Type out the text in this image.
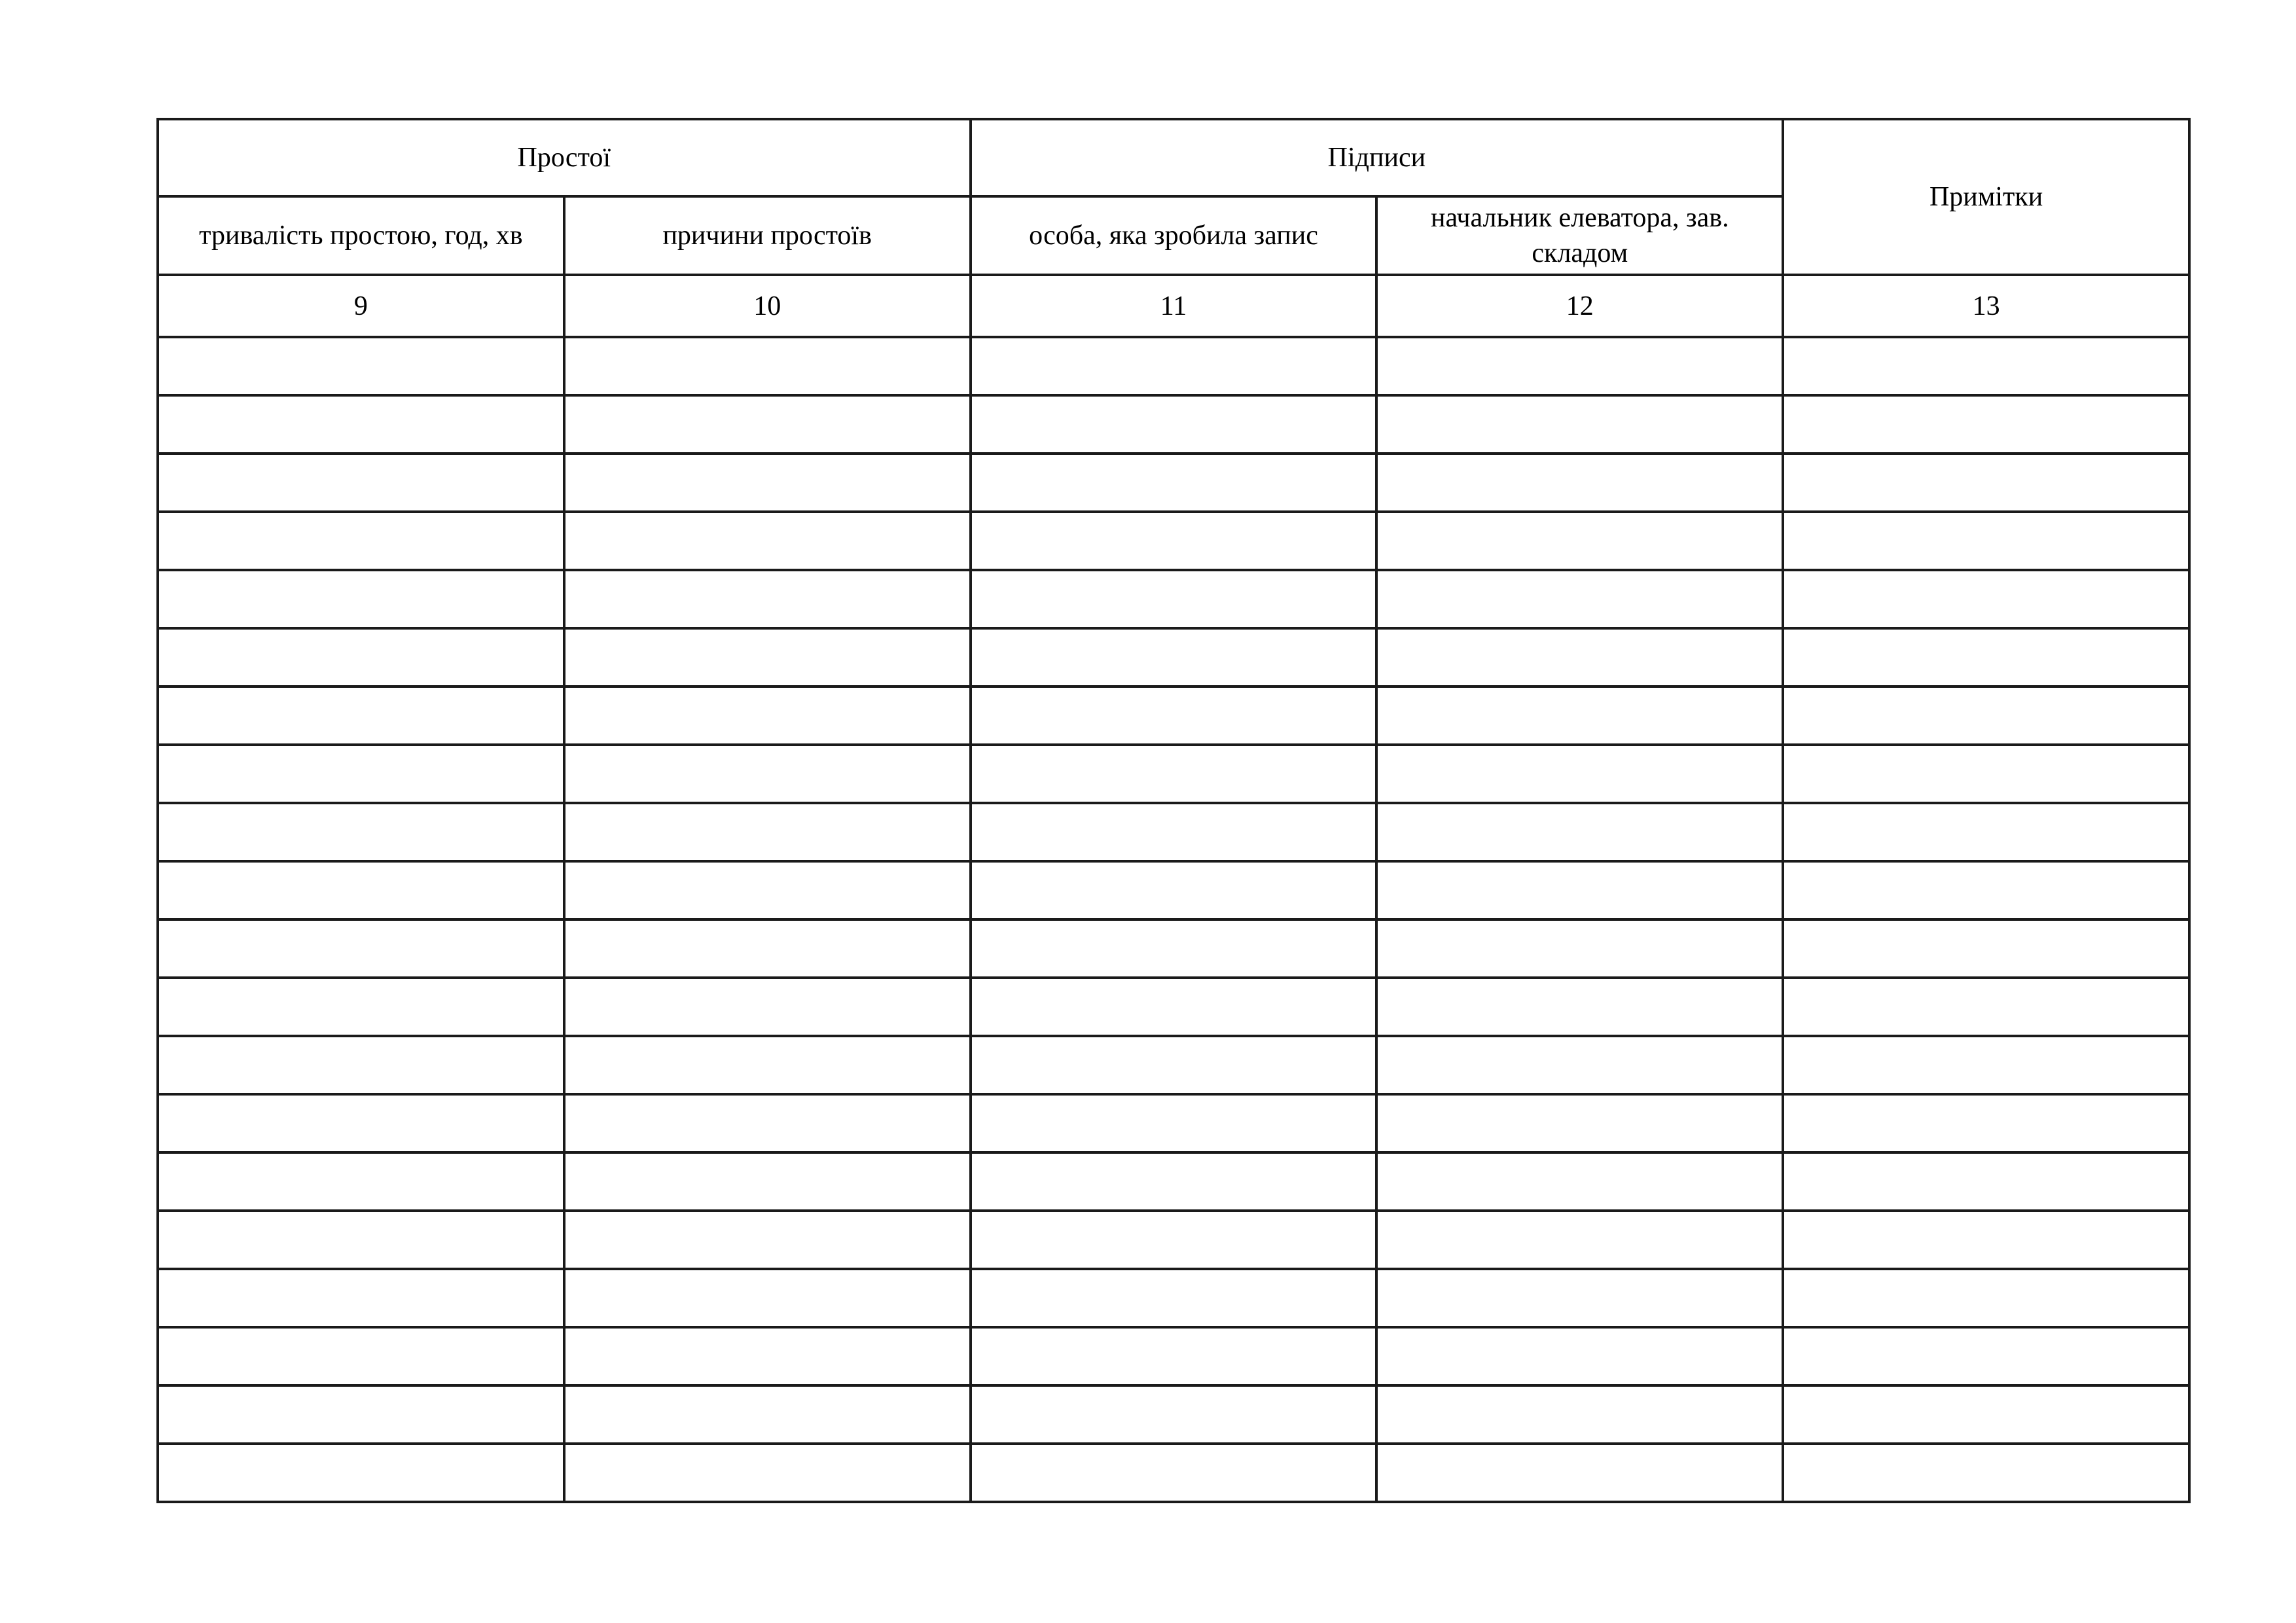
Простої		Підписи		Примітки
тривалість простою, год, хв	причини простоїв	особа, яка зробила запис	начальник елеватора, зав. складом	
9	10	11	12	13
